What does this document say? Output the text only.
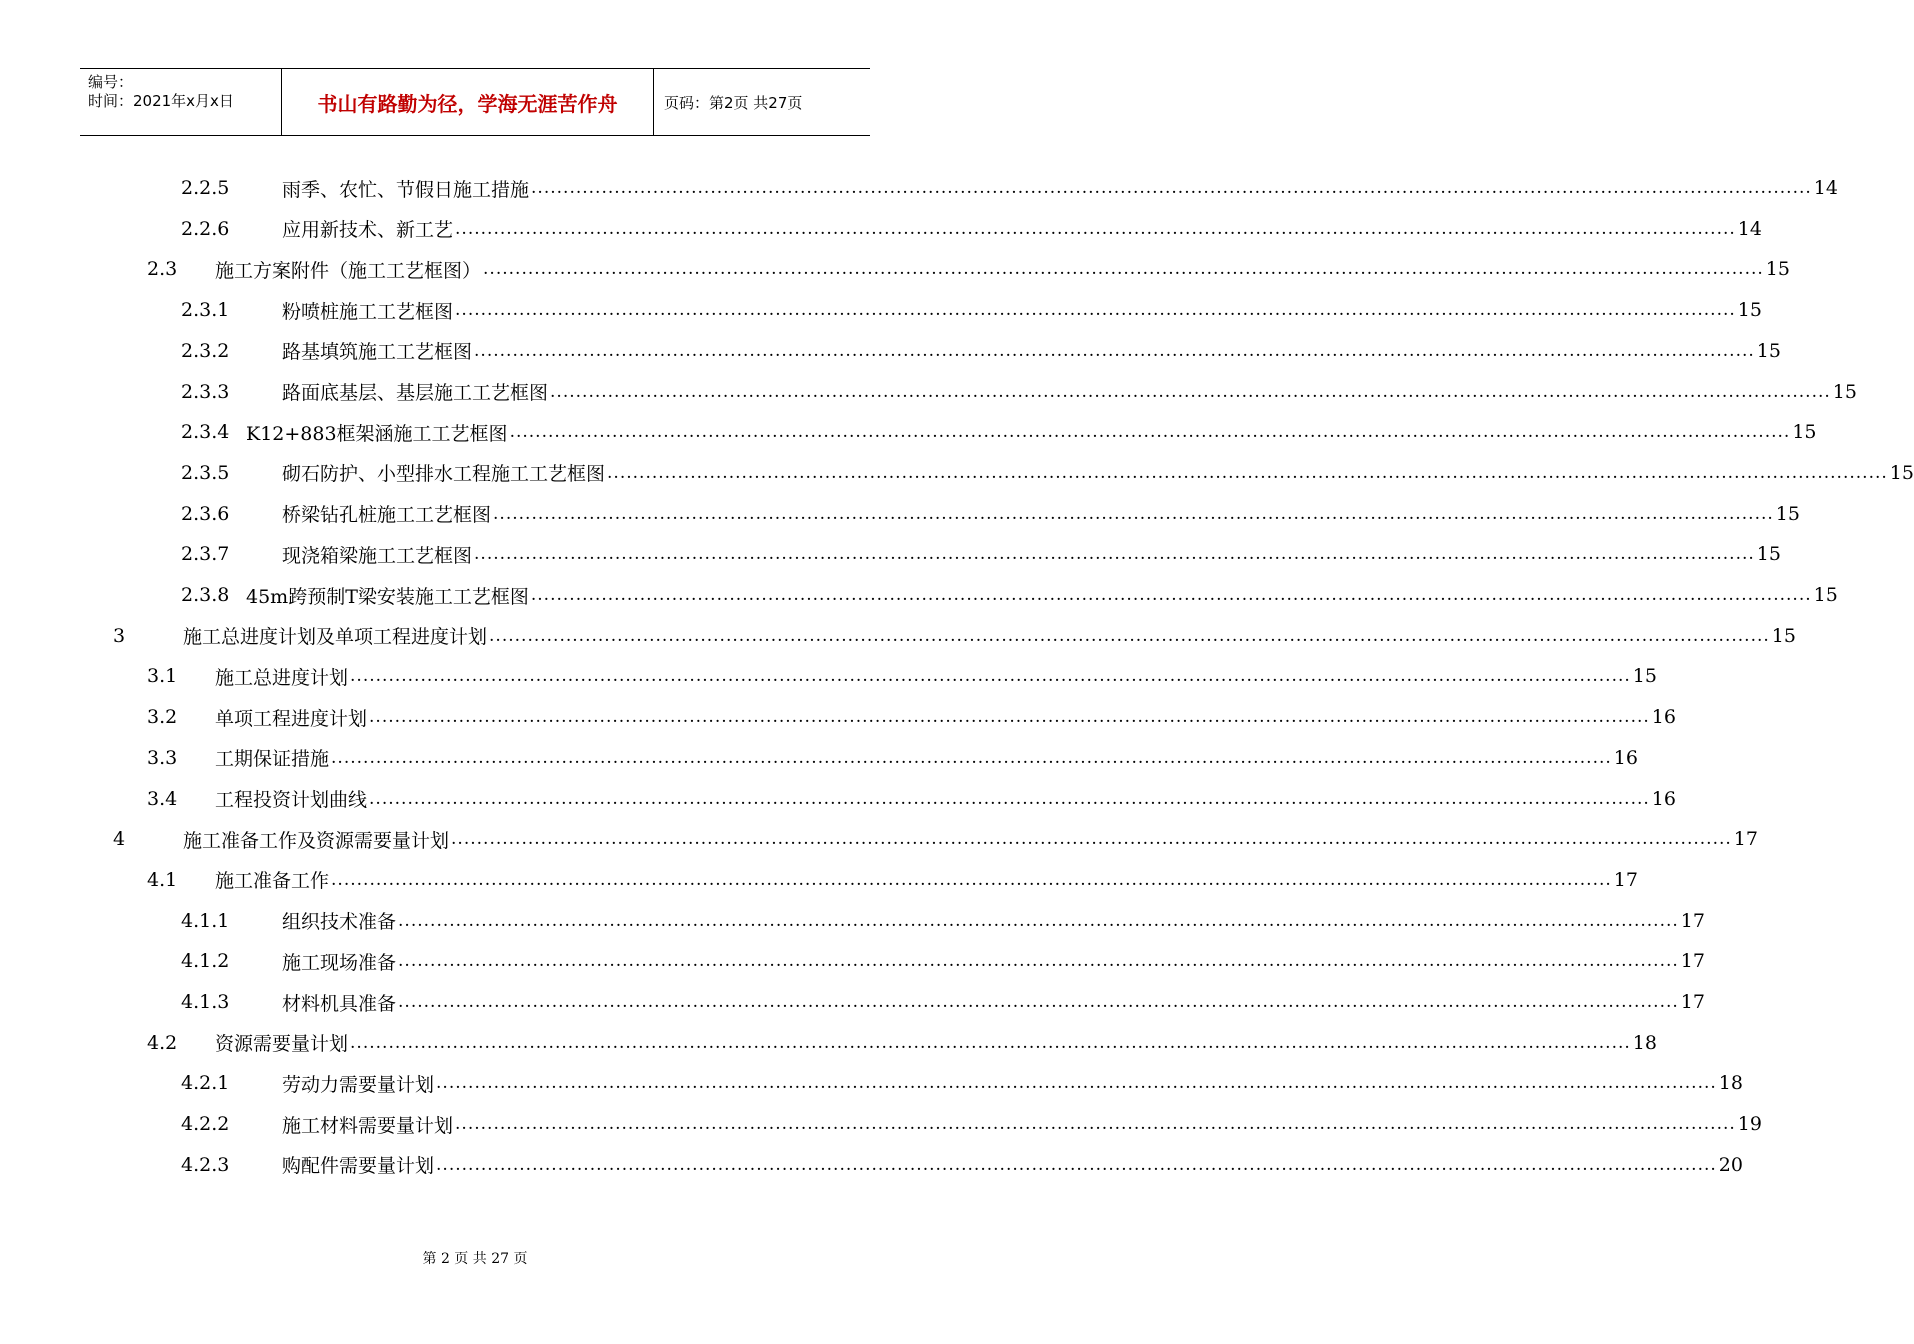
编号：
时间：2021年x月x日	书山有路勤为径，学海无涯苦作舟	页码：第2页 共27页
2.2.5	雨季、农忙、节假日施工措施 ........................................................................................................................................................................................................ 14
2.2.6	应用新技术、新工艺 ........................................................................................................................................................................................................ 14
2.3 施工方案附件（施工工艺框图） ........................................................................................................................................................................................................ 15
2.3.1	粉喷桩施工工艺框图 ........................................................................................................................................................................................................ 15
2.3.2	路基填筑施工工艺框图 ........................................................................................................................................................................................................ 15
2.3.3	路面底基层、基层施工工艺框图 ........................................................................................................................................................................................................ 15
2.3.4 K12+883框架涵施工工艺框图 ........................................................................................................................................................................................................ 15
2.3.5	砌石防护、小型排水工程施工工艺框图 ........................................................................................................................................................................................................ 15
2.3.6	桥梁钻孔桩施工工艺框图 ........................................................................................................................................................................................................ 15
2.3.7	现浇箱梁施工工艺框图 ........................................................................................................................................................................................................ 15
2.3.8 45m跨预制T梁安装施工工艺框图 ........................................................................................................................................................................................................ 15
3	施工总进度计划及单项工程进度计划 ........................................................................................................................................................................................................ 15
3.1 施工总进度计划 ........................................................................................................................................................................................................ 15
3.2 单项工程进度计划 ........................................................................................................................................................................................................ 16
3.3 工期保证措施 ........................................................................................................................................................................................................ 16
3.4 工程投资计划曲线 ........................................................................................................................................................................................................ 16
4	施工准备工作及资源需要量计划 ........................................................................................................................................................................................................ 17
4.1 施工准备工作 ........................................................................................................................................................................................................ 17
4.1.1	组织技术准备 ........................................................................................................................................................................................................ 17
4.1.2	施工现场准备 ........................................................................................................................................................................................................ 17
4.1.3	材料机具准备 ........................................................................................................................................................................................................ 17
4.2 资源需要量计划 ........................................................................................................................................................................................................ 18
4.2.1	劳动力需要量计划 ........................................................................................................................................................................................................ 18
4.2.2	施工材料需要量计划 ........................................................................................................................................................................................................ 19
4.2.3	购配件需要量计划 ........................................................................................................................................................................................................ 20
第 2 页 共 27 页
